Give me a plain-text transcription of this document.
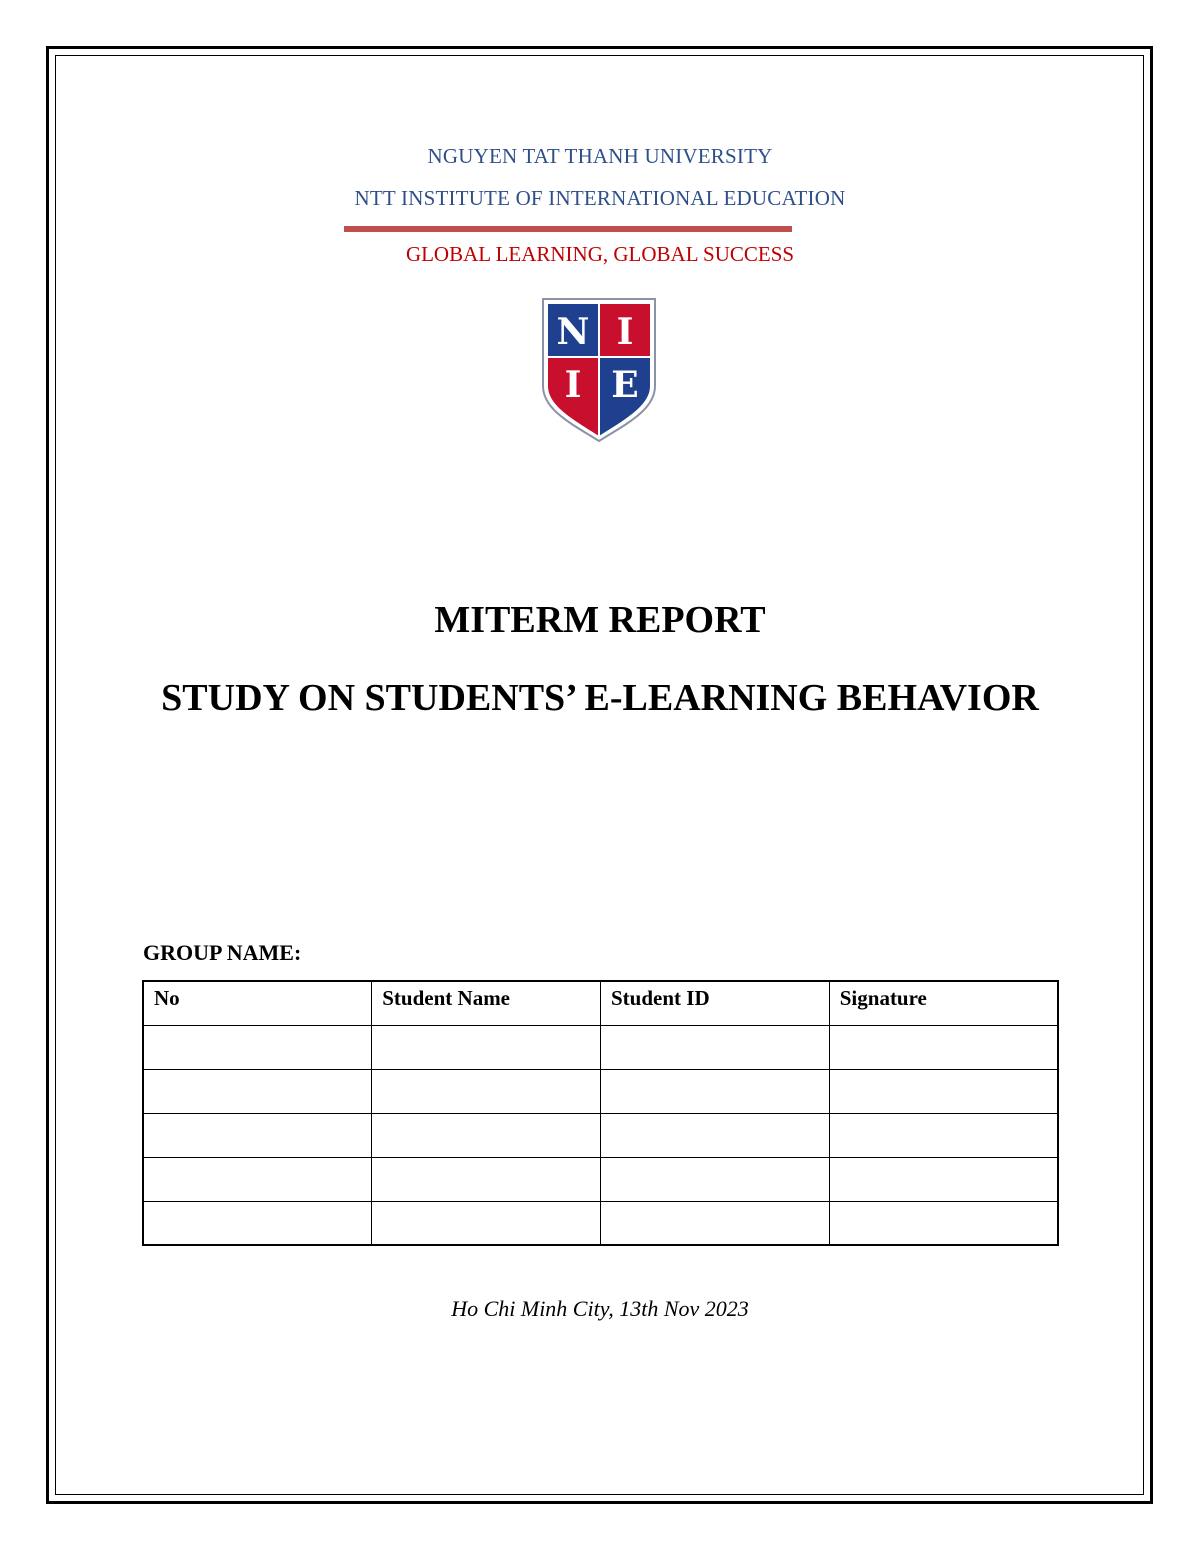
NGUYEN TAT THANH UNIVERSITY
NTT INSTITUTE OF INTERNATIONAL EDUCATION
GLOBAL LEARNING, GLOBAL SUCCESS
N I
I E
MITERM REPORT
STUDY ON STUDENTS’ E-LEARNING BEHAVIOR
GROUP NAME:
No	Student Name	Student ID	Signature

Ho Chi Minh City, 13th Nov 2023
